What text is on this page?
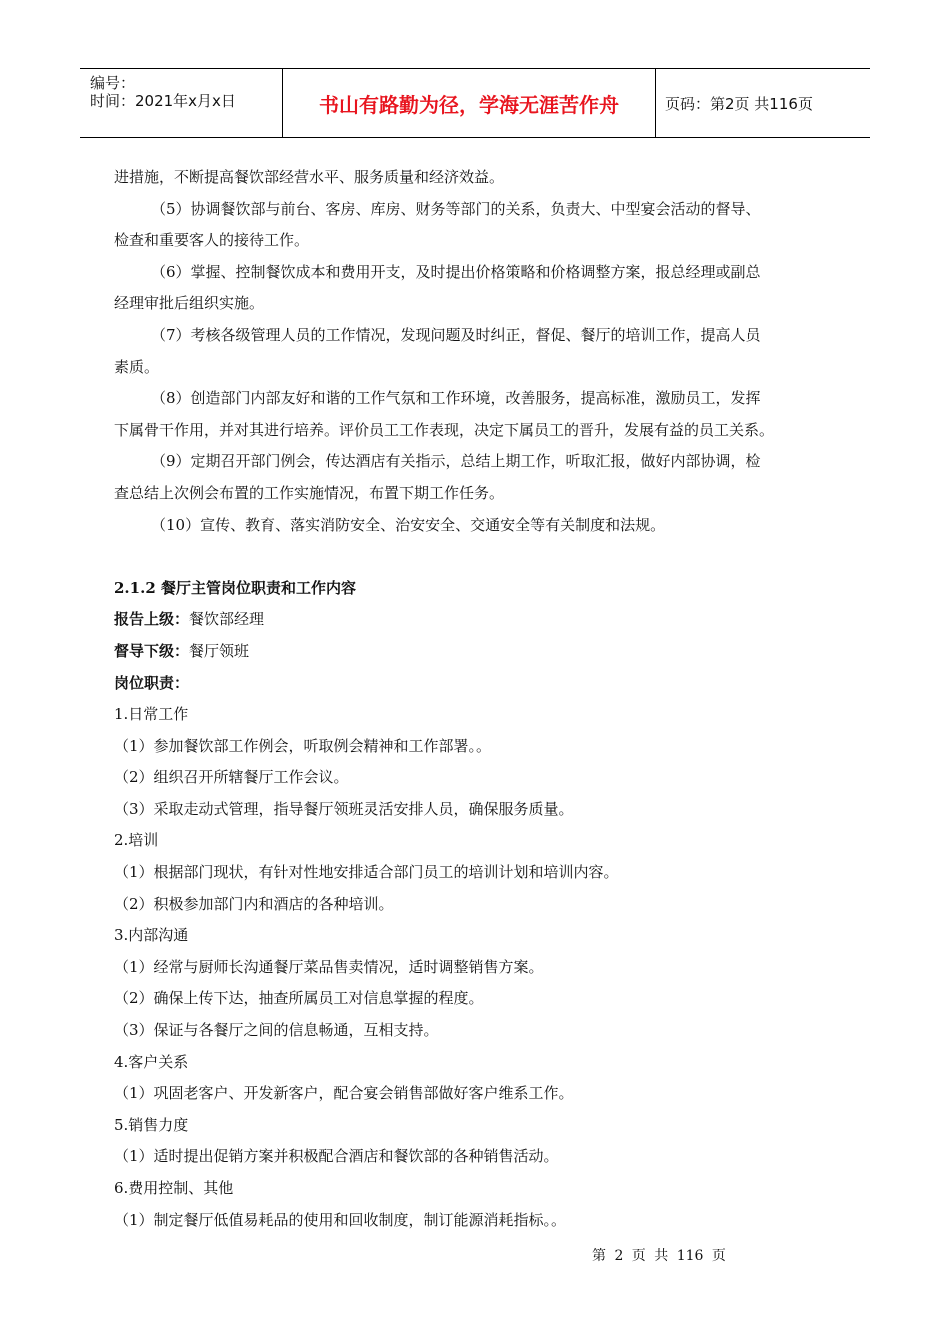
编号：
时间：2021年x月x日	书山有路勤为径，学海无涯苦作舟	页码：第2页 共116页
进措施，不断提高餐饮部经营水平、服务质量和经济效益。
（5）协调餐饮部与前台、客房、库房、财务等部门的关系，负责大、中型宴会活动的督导、
检查和重要客人的接待工作。
（6）掌握、控制餐饮成本和费用开支，及时提出价格策略和价格调整方案，报总经理或副总
经理审批后组织实施。
（7）考核各级管理人员的工作情况，发现问题及时纠正，督促、餐厅的培训工作，提高人员
素质。
（8）创造部门内部友好和谐的工作气氛和工作环境，改善服务，提高标准，激励员工，发挥
下属骨干作用，并对其进行培养。评价员工工作表现，决定下属员工的晋升，发展有益的员工关系。
（9）定期召开部门例会，传达酒店有关指示，总结上期工作，听取汇报，做好内部协调，检
查总结上次例会布置的工作实施情况，布置下期工作任务。
（10）宣传、教育、落实消防安全、治安安全、交通安全等有关制度和法规。
2.1.2 餐厅主管岗位职责和工作内容
报告上级：餐饮部经理
督导下级：餐厅领班
岗位职责：
1.日常工作
（1）参加餐饮部工作例会，听取例会精神和工作部署。。
（2）组织召开所辖餐厅工作会议。
（3）采取走动式管理，指导餐厅领班灵活安排人员，确保服务质量。
2.培训
（1）根据部门现状，有针对性地安排适合部门员工的培训计划和培训内容。
（2）积极参加部门内和酒店的各种培训。
3.内部沟通
（1）经常与厨师长沟通餐厅菜品售卖情况，适时调整销售方案。
（2）确保上传下达，抽查所属员工对信息掌握的程度。
（3）保证与各餐厅之间的信息畅通，互相支持。
4.客户关系
（1）巩固老客户、开发新客户，配合宴会销售部做好客户维系工作。
5.销售力度
（1）适时提出促销方案并积极配合酒店和餐饮部的各种销售活动。
6.费用控制、其他
（1）制定餐厅低值易耗品的使用和回收制度，制订能源消耗指标。。
第 2 页 共 116 页
